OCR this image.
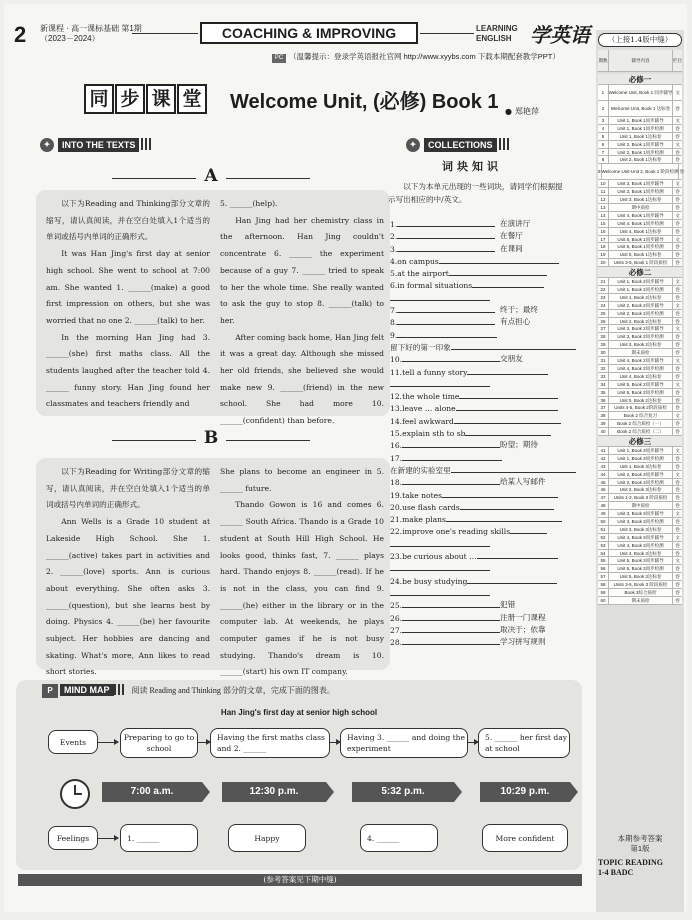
2 新课程 · 高一课标基础 第1期
（2023－2024）	COACHING & IMPROVING	LEARNING
ENGLISH 学英语
PC （温馨提示：登录学英语报社官网 http://www.xyybs.com 下载本期配套教学PPT）
同 步 课 堂 Welcome Unit, (必修) Book 1
●	郑艳萍
✦ INTO THE TEXTS
A

以下为Reading and Thinking部分文章的缩写，请认真阅读，并在空白处填入1个适当的单词或括号内单词的正确形式。

It was Han Jing's first day at senior high school. She went to school at 7:00 am. She wanted 1. ______(make) a good first impression on others, but she was worried that no one 2. ______(talk) to her.

In the morning Han Jing had 3. ______(she) first maths class. All the students laughed after the teacher told 4. ______ funny story. Han Jing found her classmates and teachers friendly and

5. ______(help).

Han Jing had her chemistry class in the afternoon. Han Jing couldn't concentrate 6. ______ the experiment because of a guy 7. ______ tried to speak to her the whole time. She really wanted to ask the guy to stop 8. ______(talk) to her.

After coming back home, Han Jing felt it was a great day. Although she missed her old friends, she believed she would make new 9. ______(friend) in the new school. She had more 10. ______(confident) than before.

B

以下为Reading for Writing部分文章的缩写，请认真阅读，并在空白处填入1个适当的单词或括号内单词的正确形式。

Ann Wells is a Grade 10 student at Lakeside High School. She 1. ______(active) takes part in activities and 2. ______(love) sports. Ann is curious about everything. She often asks 3. ______(question), but she learns best by doing. Physics 4. ______(be) her favourite subject. Her hobbies are dancing and skating. What's more, Ann likes to read short stories.

She plans to become an engineer in 5. ______ future.

Thando Gowon is 16 and comes 6. ______ South Africa. Thando is a Grade 10 student at South Hill High School. He looks good, thinks fast, 7. ______ plays hard. Thando enjoys 8. ______(read). If he is not in the class, you can find 9. ______(he) either in the library or in the computer lab. At weekends, he plays computer games if he is not busy studying. Thando's dream is 10. ______(start) his own IT company.

✦ COLLECTIONS
词块知识
以下为本单元出现的一些词块，请同学们根据提示写出相应的中/英文。
1.	在演讲厅
2.	在餐厅
3.	在课间
4.on campus
5.at the airport
6.in formal situations
7.	终于；最终
8.	有点担心
9.
留下好的第一印象
10.	交朋友
11.tell a funny story
12.the whole time
13.leave … alone
14.feel awkward
15.explain sth to sb
16.	盼望；期待
17.
在新建的实验室里
18.	给某人写邮件
19.take notes
20.use flash cards
21.make plans
22.improve one's reading skills
23.be curious about …
24.be busy studying
25.	犯错
26.	注册一门课程
27.	取决于；依靠
28.	学习拼写规则
P MIND MAP	阅读 Reading and Thinking 部分的文章，完成下面的图表。
Han Jing's first day at senior high school
Events	Preparing to go to school
Having the first maths class and 2. ______
Having 3. ______ and doing the experiment
5. ______ her first day at school
7:00 a.m.	12:30 p.m.	5:32 p.m.	10:29 p.m.
Feelings	1. ______	Happy	4. ______	More confident
(参考答案见下期中缝)
（上接1.4版中缝）
期数	辅导内容	栏目
必修一
1	Welcome Unit, Book 1 同步辅导 文
2	Welcome Unit, Book 1 达标卷	卷
3	Unit 1, Book 1同步辅导	文
4	Unit 1, Book 1同步检测	卷
5	Unit 1, Book 1达标卷	卷
6	Unit 2, Book 1同步辅导	文
7	Unit 2, Book 1同步检测	卷
8	Unit 2, Book 1达标卷	卷
9 Welcome Unit-Unit 2, Book 1 阶段检测 卷
10	Unit 3, Book 1同步辅导	文
11	Unit 3, Book 1同步检测	卷
12	Unit 3, Book 1达标卷	卷
13	期中质检	卷
14	Unit 4, Book 1同步辅导	文
15	Unit 4, Book 1同步检测	卷
16	Unit 4, Book 1达标卷	卷
17	Unit 5, Book 1同步辅导	文
18	Unit 5, Book 1同步检测	卷
19	Unit 5, Book 1达标卷	卷
20	Units 3-5, Book 1 阶段质检	卷
必修二
21	Unit 1, Book 2同步辅导	文
22	Unit 1, Book 2同步检测	卷
23	Unit 1, Book 2达标卷	卷
24	Unit 2, Book 2同步辅导	文
25	Unit 2, Book 2同步检测	卷
26	Unit 2, Book 2达标卷	卷
27	Unit 3, Book 2同步辅导	文
28	Unit 3, Book 2同步检测	卷
29	Unit 3, Book 2达标卷	卷
30	期末质检	卷
31	Unit 4, Book 2同步辅导	文
32	Unit 4, Book 2同步检测	卷
33	Unit 4, Book 2达标卷	卷
34	Unit 5, Book 2同步辅导	文
35	Unit 5, Book 2同步检测	卷
36	Unit 5, Book 2达标卷	卷
37	Units 4-5, Book 2阶段质检	卷
38	Book 2 综合复习	文
39	Book 2 综合质检（一）	卷
40	Book 2 综合质检（二）	卷
必修三
41	Unit 1, Book 3同步辅导	文
42	Unit 1, Book 3同步检测	卷
43	Unit 1, Book 3达标卷	卷
44	Unit 2, Book 3同步辅导	文
45	Unit 2, Book 3同步检测	卷
46	Unit 2, Book 3达标卷	卷
47	Units 1-2, Book 3 阶段质检	卷
48	期中质检	卷
49	Unit 3, Book 3同步辅导	文
50	Unit 3, Book 3同步检测	卷
51	Unit 3, Book 3达标卷	卷
52	Unit 4, Book 3同步辅导	文
53	Unit 4, Book 3同步检测	卷
54	Unit 4, Book 3达标卷	卷
55	Unit 5, Book 3同步辅导	文
56	Unit 5, Book 3同步检测	卷
57	Unit 5, Book 3达标卷	卷
58	Units 3-5, Book 3 阶段质检	卷
59	Book 3综合质检	卷
60	期末质检	卷
本期参考答案
第1版
TOPIC READING
1-4 BADC
